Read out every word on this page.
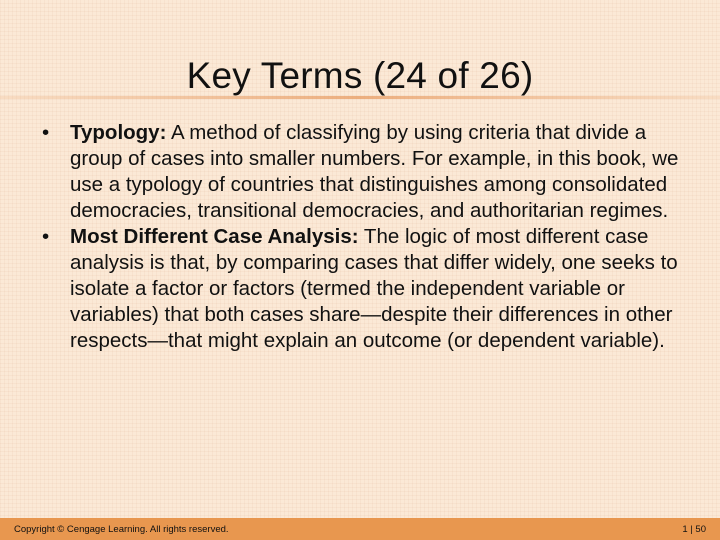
Key Terms (24 of 26)
• Typology: A method of classifying by using criteria that divide a group of cases into smaller numbers. For example, in this book, we use a typology of countries that distinguishes among consolidated democracies, transitional democracies, and authoritarian regimes.
• Most Different Case Analysis: The logic of most different case analysis is that, by comparing cases that differ widely, one seeks to isolate a factor or factors (termed the independent variable or variables) that both cases share—despite their differences in other respects—that might explain an outcome (or dependent variable).
Copyright © Cengage Learning. All rights reserved.	1 | 50
